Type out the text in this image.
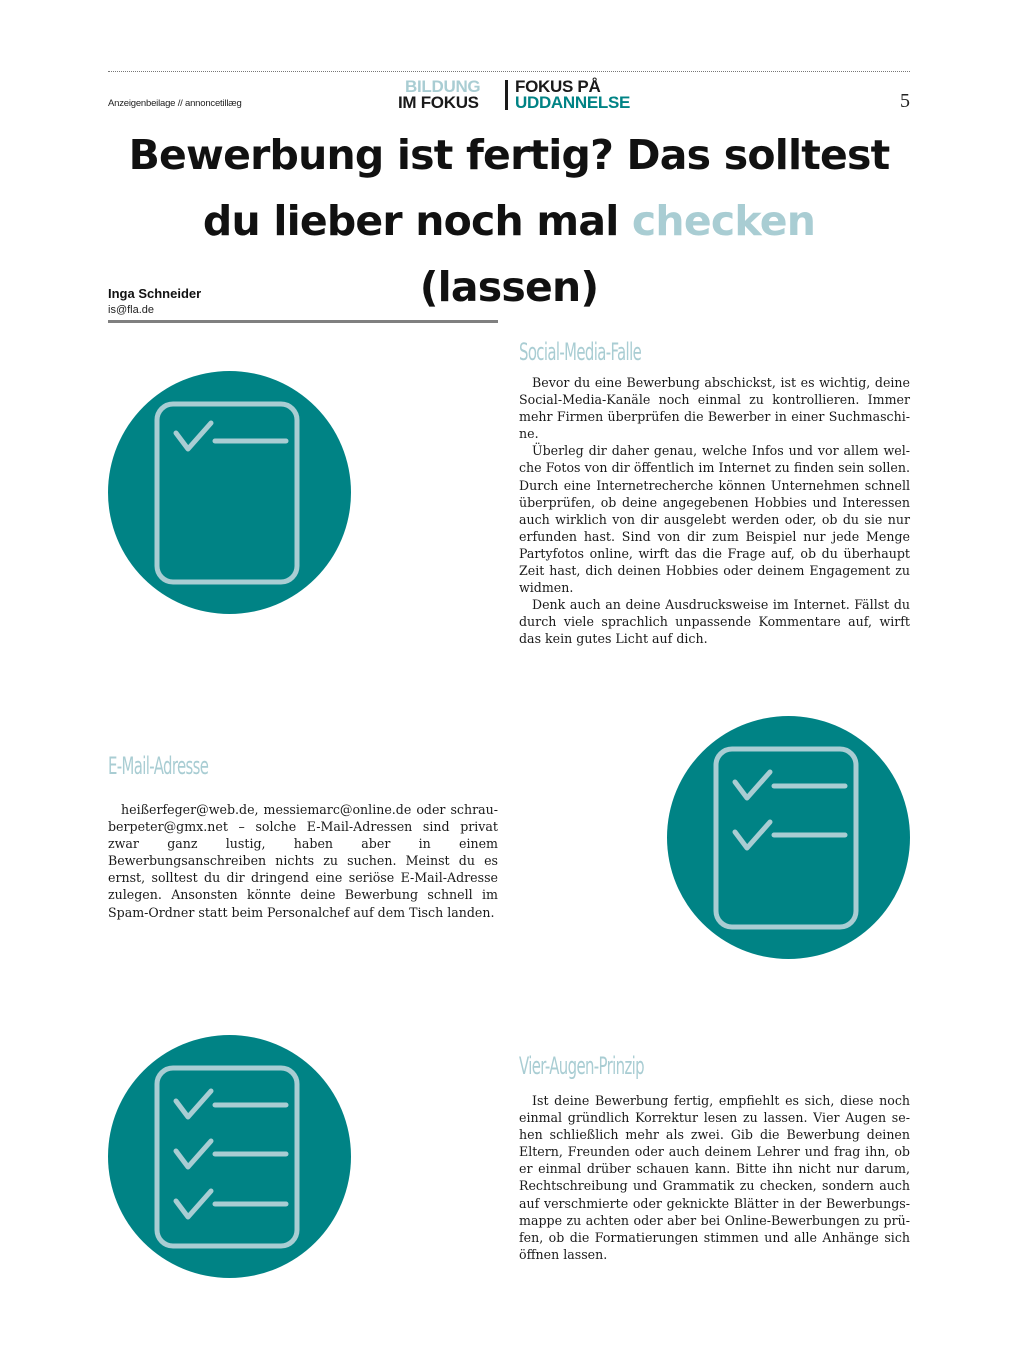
Anzeigenbeilage // annoncetillæg
BILDUNG
IM FOKUS
FOKUS PÅ
UDDANNELSE	5
Bewerbung ist fertig? Das solltest du lieber noch mal checken (lassen)
Inga Schneider
is@fla.de
Social-Media-Falle

Bevor du eine Bewerbung abschickst, ist es wichtig, deine Social-Media-Kanäle noch einmal zu kontrollieren. Immer mehr Firmen überprüfen die Bewerber in einer Suchmaschine.

Überleg dir daher genau, welche Infos und vor allem welche Fotos von dir öffentlich im Internet zu finden sein sollen. Durch eine Internetrecherche können Unternehmen schnell überprüfen, ob deine angegebenen Hobbies und Interessen auch wirklich von dir ausgelebt werden oder, ob du sie nur erfunden hast. Sind von dir zum Beispiel nur jede Menge Partyfotos online, wirft das die Frage auf, ob du überhaupt Zeit hast, dich deinen Hobbies oder deinem Engagement zu widmen.

Denk auch an deine Ausdrucksweise im Internet. Fällst du durch viele sprachlich unpassende Kommentare auf, wirft das kein gutes Licht auf dich.

E-Mail-Adresse

heißerfeger@web.de, messiemarc@online.de oder schrauberpeter@gmx.net – solche E-Mail-Adressen sind privat zwar ganz lustig, haben aber in einem Bewerbungsanschreiben nichts zu suchen. Meinst du es ernst, solltest du dir dringend eine seriöse E-Mail-Adresse zulegen. Ansonsten könnte deine Bewerbung schnell im Spam-Ordner statt beim Personalchef auf dem Tisch landen.

Vier-Augen-Prinzip

Ist deine Bewerbung fertig, empfiehlt es sich, diese noch einmal gründlich Korrektur lesen zu lassen. Vier Augen sehen schließlich mehr als zwei. Gib die Bewerbung deinen Eltern, Freunden oder auch deinem Lehrer und frag ihn, ob er einmal drüber schauen kann. Bitte ihn nicht nur darum, Rechtschreibung und Grammatik zu checken, sondern auch auf verschmierte oder geknickte Blätter in der Bewerbungsmappe zu achten oder aber bei Online-Bewerbungen zu prüfen, ob die Formatierungen stimmen und alle Anhänge sich öffnen lassen.
